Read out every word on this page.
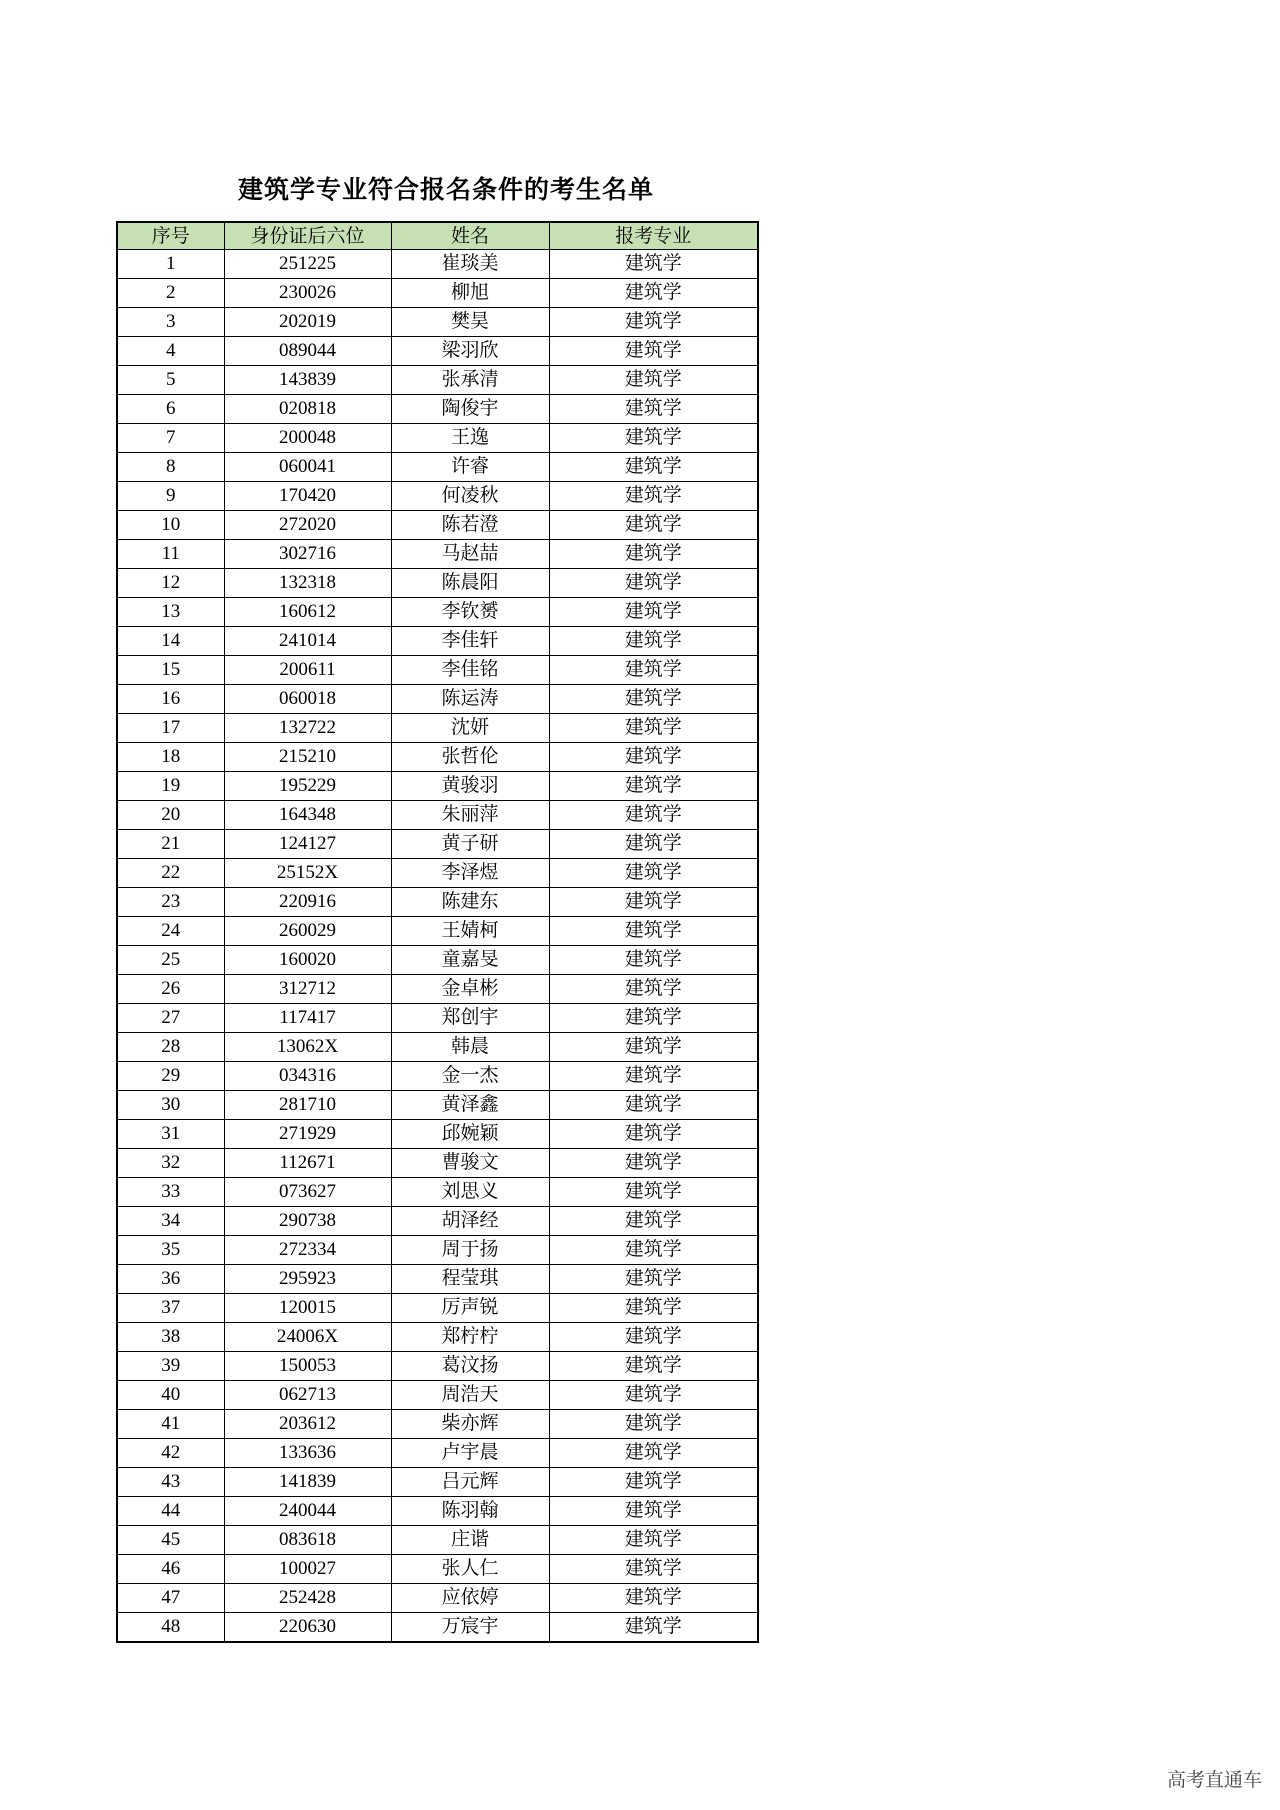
建筑学专业符合报名条件的考生名单
序号	身份证后六位	姓名	报考专业
1	251225	崔琰美	建筑学
2	230026	柳旭	建筑学
3	202019	樊昊	建筑学
4	089044	梁羽欣	建筑学
5	143839	张承清	建筑学
6	020818	陶俊宇	建筑学
7	200048	王逸	建筑学
8	060041	许睿	建筑学
9	170420	何凌秋	建筑学
10	272020	陈若澄	建筑学
11	302716	马赵喆	建筑学
12	132318	陈晨阳	建筑学
13	160612	李钦赟	建筑学
14	241014	李佳轩	建筑学
15	200611	李佳铭	建筑学
16	060018	陈运涛	建筑学
17	132722	沈妍	建筑学
18	215210	张哲伦	建筑学
19	195229	黄骏羽	建筑学
20	164348	朱丽萍	建筑学
21	124127	黄子研	建筑学
22	25152X	李泽煜	建筑学
23	220916	陈建东	建筑学
24	260029	王婧柯	建筑学
25	160020	童嘉旻	建筑学
26	312712	金卓彬	建筑学
27	117417	郑创宇	建筑学
28	13062X	韩晨	建筑学
29	034316	金一杰	建筑学
30	281710	黄泽鑫	建筑学
31	271929	邱婉颖	建筑学
32	112671	曹骏文	建筑学
33	073627	刘思义	建筑学
34	290738	胡泽经	建筑学
35	272334	周于扬	建筑学
36	295923	程莹琪	建筑学
37	120015	厉声锐	建筑学
38	24006X	郑柠柠	建筑学
39	150053	葛汶扬	建筑学
40	062713	周浩天	建筑学
41	203612	柴亦辉	建筑学
42	133636	卢宇晨	建筑学
43	141839	吕元辉	建筑学
44	240044	陈羽翰	建筑学
45	083618	庄谐	建筑学
46	100027	张人仁	建筑学
47	252428	应依婷	建筑学
48	220630	万宸宇	建筑学
高考直通车
